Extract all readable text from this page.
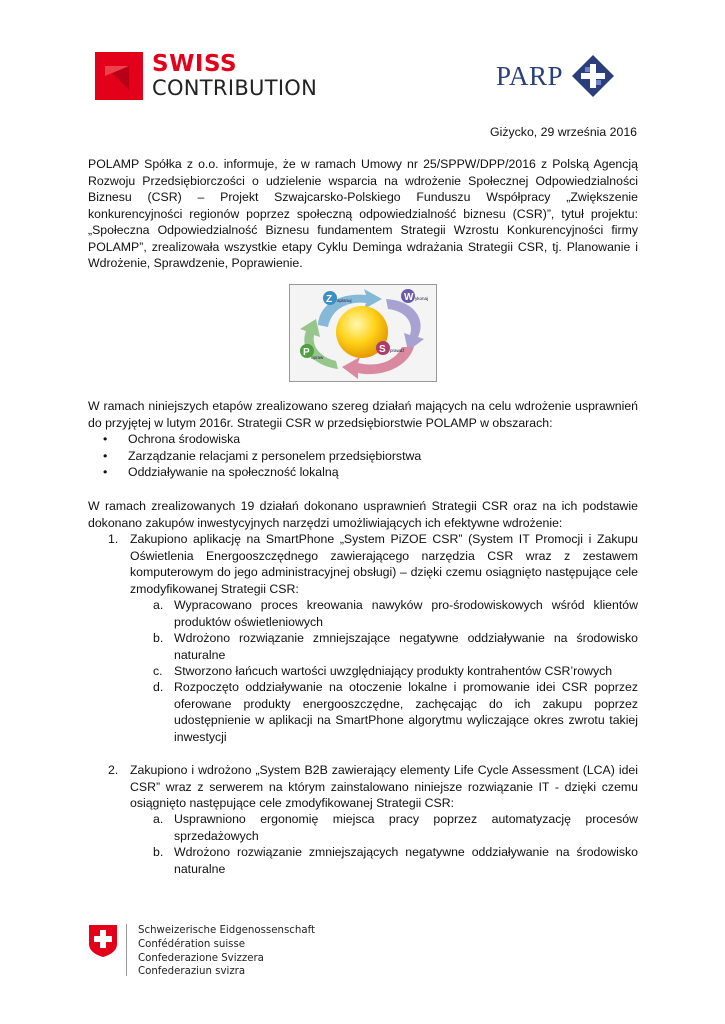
SWISS
CONTRIBUTION	PARP
Giżycko, 29 września 2016
POLAMP Spółka z o.o. informuje, że w ramach Umowy nr 25/SPPW/DPP/2016 z Polską Agencją Rozwoju Przedsiębiorczości o udzielenie wsparcia na wdrożenie Społecznej Odpowiedzialności Biznesu (CSR) – Projekt Szwajcarsko-Polskiego Funduszu Współpracy „Zwiększenie konkurencyjności regionów poprzez społeczną odpowiedzialność biznesu (CSR)”, tytuł projektu: „Społeczna Odpowiedzialność Biznesu fundamentem Strategii Wzrostu Konkurencyjności firmy POLAMP”, zrealizowała wszystkie etapy Cyklu Deminga wdrażania Strategii CSR, tj. Planowanie i Wdrożenie, Sprawdzenie, Poprawienie.
Z aplanuj	W ykonaj
P opraw
S prawdź
W ramach niniejszych etapów zrealizowano szereg działań mających na celu wdrożenie usprawnień do przyjętej w lutym 2016r. Strategii CSR w przedsiębiorstwie POLAMP w obszarach:
• Ochrona środowiska
• Zarządzanie relacjami z personelem przedsiębiorstwa
• Oddziaływanie na społeczność lokalną
W ramach zrealizowanych 19 działań dokonano usprawnień Strategii CSR oraz na ich podstawie dokonano zakupów inwestycyjnych narzędzi umożliwiających ich efektywne wdrożenie:
1. Zakupiono aplikację na SmartPhone „System PiZOE CSR” (System IT Promocji i Zakupu Oświetlenia Energooszczędnego zawierającego narzędzia CSR wraz z zestawem komputerowym do jego administracyjnej obsługi) – dzięki czemu osiągnięto następujące cele zmodyfikowanej Strategii CSR:
a. Wypracowano proces kreowania nawyków pro-środowiskowych wśród klientów produktów oświetleniowych
b. Wdrożono rozwiązanie zmniejszające negatywne oddziaływanie na środowisko naturalne
c. Stworzono łańcuch wartości uwzględniający produkty kontrahentów CSR’rowych
d. Rozpoczęto oddziaływanie na otoczenie lokalne i promowanie idei CSR poprzez oferowane produkty energooszczędne, zachęcając do ich zakupu poprzez udostępnienie w aplikacji na SmartPhone algorytmu wyliczające okres zwrotu takiej inwestycji
2. Zakupiono i wdrożono „System B2B zawierający elementy Life Cycle Assessment (LCA) idei CSR” wraz z serwerem na którym zainstalowano niniejsze rozwiązanie IT - dzięki czemu osiągnięto następujące cele zmodyfikowanej Strategii CSR:
a. Usprawniono ergonomię miejsca pracy poprzez automatyzację procesów sprzedażowych
b. Wdrożono rozwiązanie zmniejszających negatywne oddziaływanie na środowisko naturalne
Schweizerische Eidgenossenschaft
Confédération suisse
Confederazione Svizzera
Confederaziun svizra
